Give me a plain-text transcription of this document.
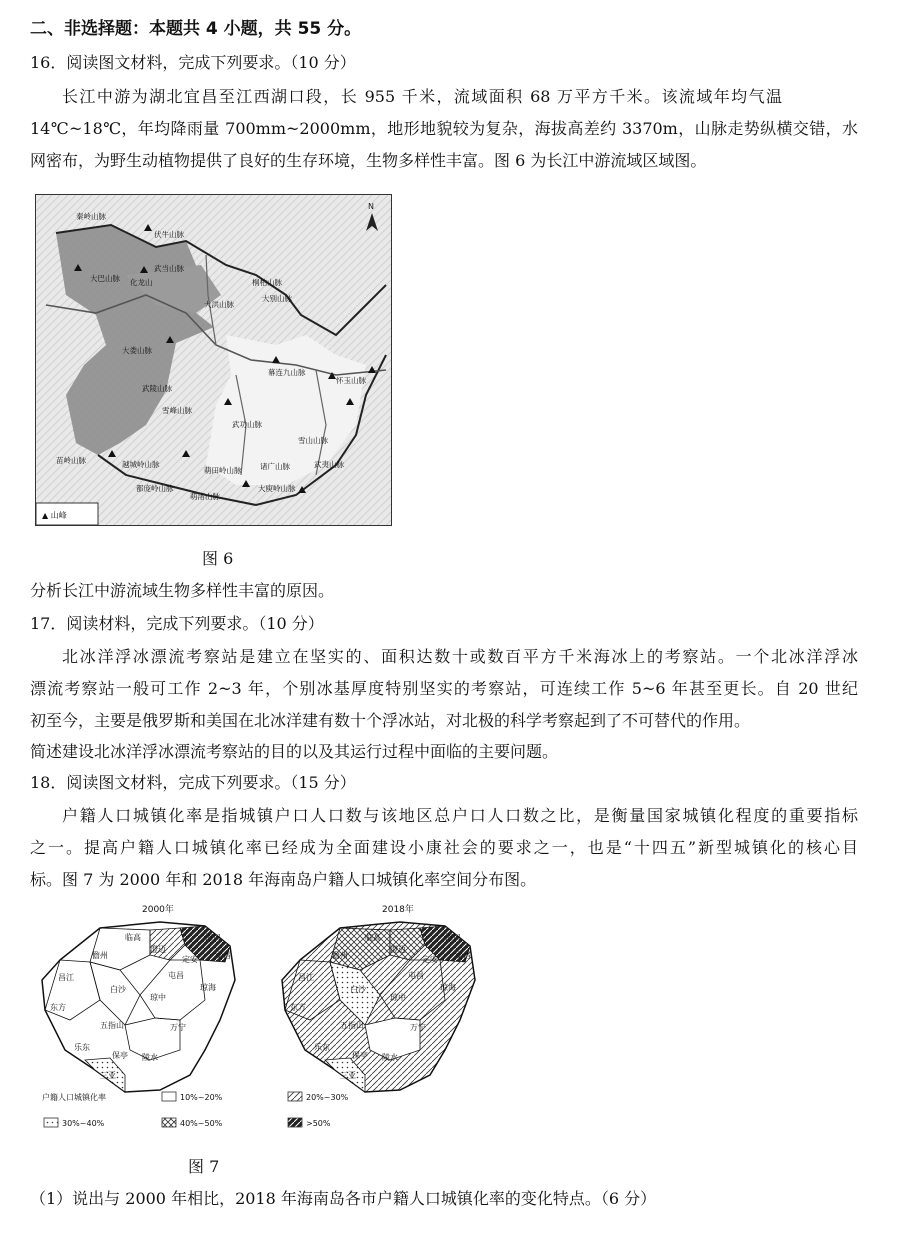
二、非选择题：本题共 4 小题，共 55 分。
16．阅读图文材料，完成下列要求。（10 分）
长江中游为湖北宜昌至江西湖口段，长 955 千米，流域面积 68 万平方千米。该流域年均气温
14℃~18℃，年均降雨量 700mm~2000mm，地形地貌较为复杂，海拔高差约 3370m，山脉走势纵横交错，水
网密布，为野生动植物提供了良好的生存环境，生物多样性丰富。图 6 为长江中游流域区域图。
N
秦岭山脉
伏牛山脉
大巴山脉
武当山脉
化龙山	桐柏山脉
大洪山脉
大别山脉
大娄山脉
幕连九山脉
怀玉山脉
武陵山脉
雪峰山脉
武功山脉
雪山山脉
苗岭山脉	越城岭山脉
萌田岭山脉 诸广山脉	武夷山脉
都庞岭山脉
萌渚山脉
大庾岭山脉
▲ 山峰
图 6
分析长江中游流域生物多样性丰富的原因。
17．阅读材料，完成下列要求。（10 分）
北冰洋浮冰漂流考察站是建立在坚实的、面积达数十或数百平方千米海冰上的考察站。一个北冰洋浮冰
漂流考察站一般可工作 2~3 年，个别冰基厚度特别坚实的考察站，可连续工作 5~6 年甚至更长。自 20 世纪
初至今，主要是俄罗斯和美国在北冰洋建有数十个浮冰站，对北极的科学考察起到了不可替代的作用。
简述建设北冰洋浮冰漂流考察站的目的以及其运行过程中面临的主要问题。
18．阅读图文材料，完成下列要求。（15 分）
户籍人口城镇化率是指城镇户口人口数与该地区总户口人口数之比，是衡量国家城镇化程度的重要指标
之一。提高户籍人口城镇化率已经成为全面建设小康社会的要求之一，也是“十四五”新型城镇化的核心目
标。图 7 为 2000 年和 2018 年海南岛户籍人口城镇化率空间分布图。
2000年
海口
文昌
临高
澄迈
定安
儋州
屯昌
琼海
昌江
白沙
琼中
东方
五指山	万宁
乐东
保亭 陵水
三亚
2018年
海口
文昌
临高
澄迈
定安
儋州
屯昌
琼海
昌江
白沙
琼中
东方
五指山	万宁
乐东
保亭 陵水
三亚
户籍人口城镇化率	10%~20%	20%~30%
30%~40%	40%~50%	>50%
图 7
（1）说出与 2000 年相比，2018 年海南岛各市户籍人口城镇化率的变化特点。（6 分）
